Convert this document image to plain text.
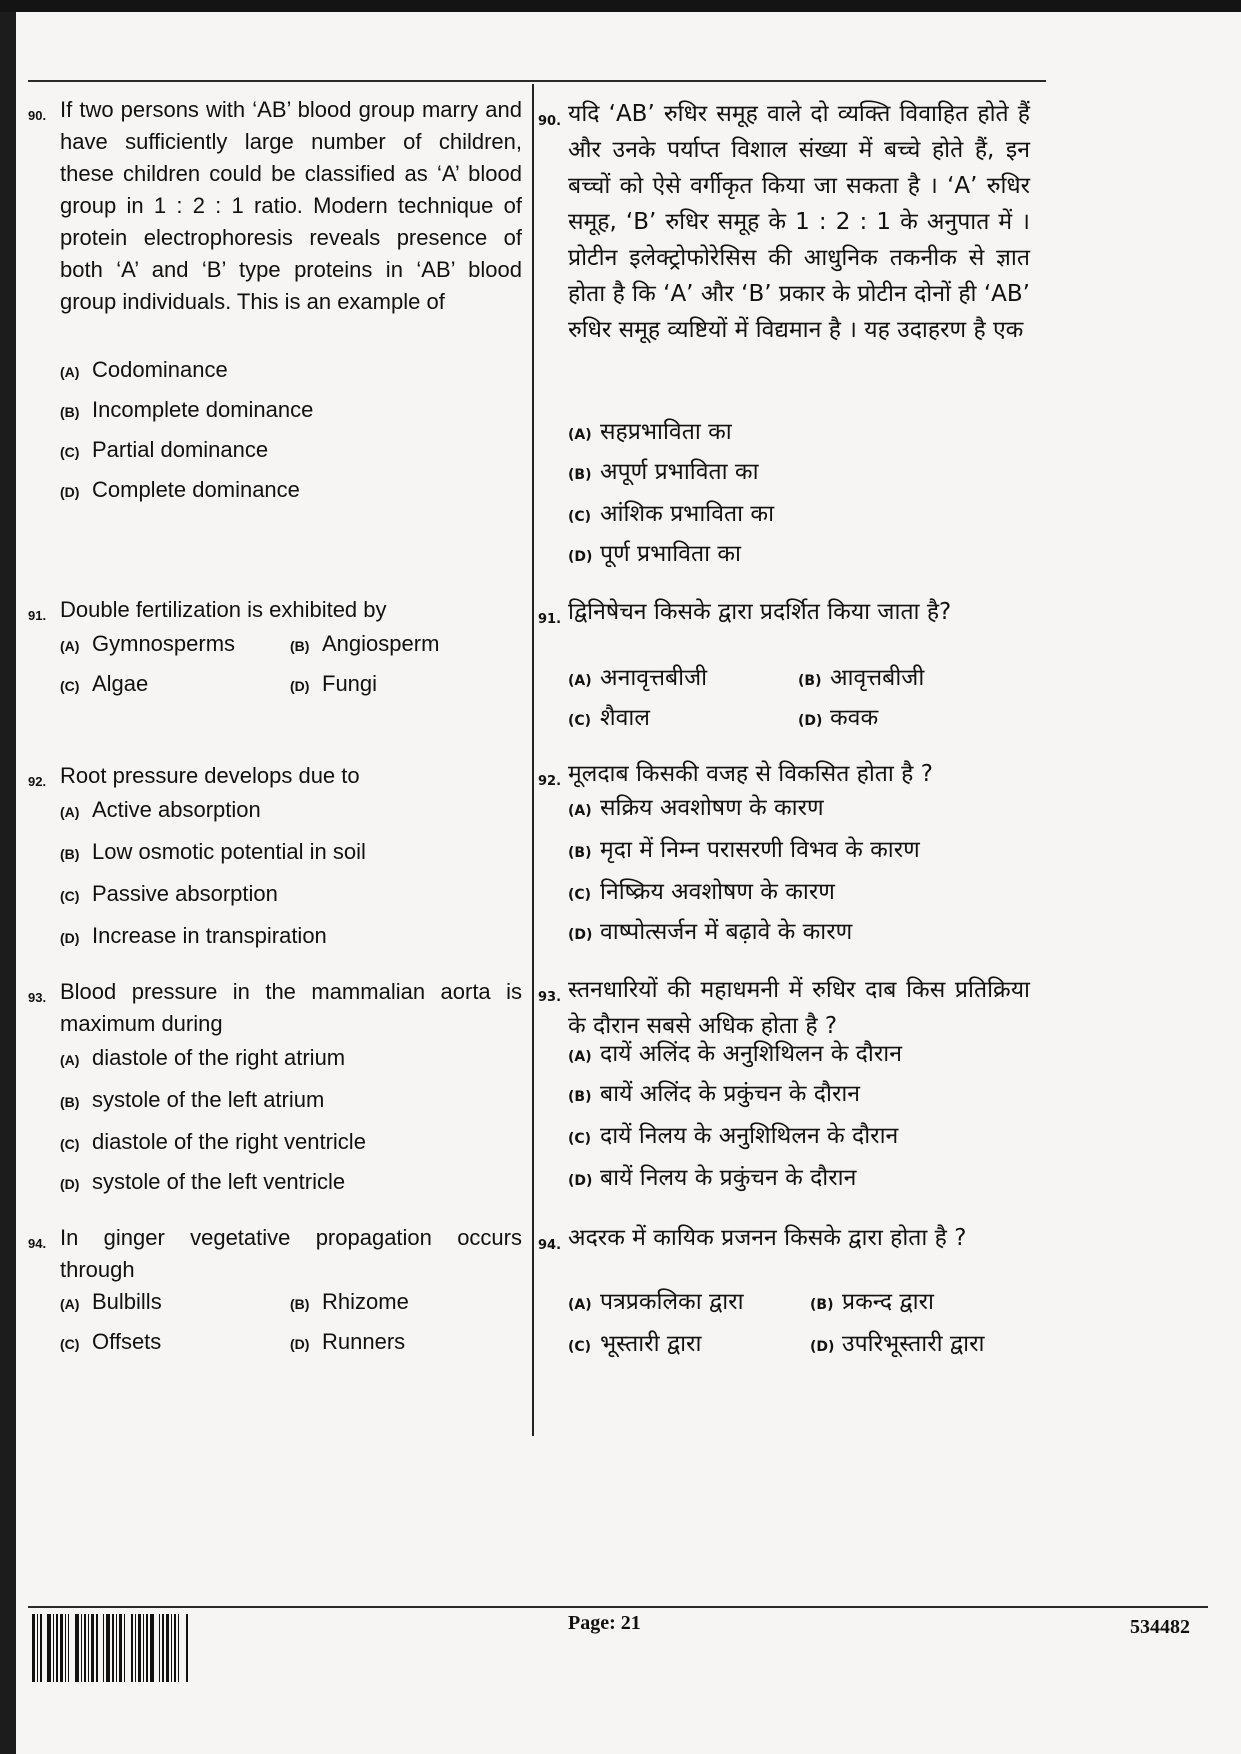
90. If two persons with ‘AB’ blood group marry and have sufficiently large number of children, these children could be classified as ‘A’ blood group in 1 : 2 : 1 ratio. Modern technique of protein electrophoresis reveals presence of both ‘A’ and ‘B’ type proteins in ‘AB’ blood group individuals. This is an example of
(A) Codominance
(B) Incomplete dominance
(C) Partial dominance
(D) Complete dominance
91. Double fertilization is exhibited by
(A) Gymnosperms	(B) Angiosperm
(C) Algae	(D) Fungi
92. Root pressure develops due to
(A) Active absorption
(B) Low osmotic potential in soil
(C) Passive absorption
(D) Increase in transpiration
93. Blood pressure in the mammalian aorta is maximum during
(A) diastole of the right atrium
(B) systole of the left atrium
(C) diastole of the right ventricle
(D) systole of the left ventricle
94. In ginger vegetative propagation occurs through
(A) Bulbills	(B) Rhizome
(C) Offsets	(D) Runners
90. यदि ‘AB’ रुधिर समूह वाले दो व्यक्ति विवाहित होते हैं और उनके पर्याप्त विशाल संख्या में बच्चे होते हैं, इन बच्चों को ऐसे वर्गीकृत किया जा सकता है । ‘A’ रुधिर समूह, ‘B’ रुधिर समूह के 1 : 2 : 1 के अनुपात में । प्रोटीन इलेक्ट्रोफोरेसिस की आधुनिक तकनीक से ज्ञात होता है कि ‘A’ और ‘B’ प्रकार के प्रोटीन दोनों ही ‘AB’ रुधिर समूह व्यष्टियों में विद्यमान है । यह उदाहरण है एक
(A) सहप्रभाविता का
(B) अपूर्ण प्रभाविता का
(C) आंशिक प्रभाविता का
(D) पूर्ण प्रभाविता का
91. द्विनिषेचन किसके द्वारा प्रदर्शित किया जाता है?
(A) अनावृत्तबीजी	(B) आवृत्तबीजी
(C) शैवाल	(D) कवक
92. मूलदाब किसकी वजह से विकसित होता है ?
(A) सक्रिय अवशोषण के कारण
(B) मृदा में निम्न परासरणी विभव के कारण
(C) निष्क्रिय अवशोषण के कारण
(D) वाष्पोत्सर्जन में बढ़ावे के कारण
93. स्तनधारियों की महाधमनी में रुधिर दाब किस प्रतिक्रिया के दौरान सबसे अधिक होता है ?
(A) दायें अलिंद के अनुशिथिलन के दौरान
(B) बायें अलिंद के प्रकुंचन के दौरान
(C) दायें निलय के अनुशिथिलन के दौरान
(D) बायें निलय के प्रकुंचन के दौरान
94. अदरक में कायिक प्रजनन किसके द्वारा होता है ?
(A) पत्रप्रकलिका द्वारा	(B) प्रकन्द द्वारा
(C) भूस्तारी द्वारा	(D) उपरिभूस्तारी द्वारा
Page: 21	534482
